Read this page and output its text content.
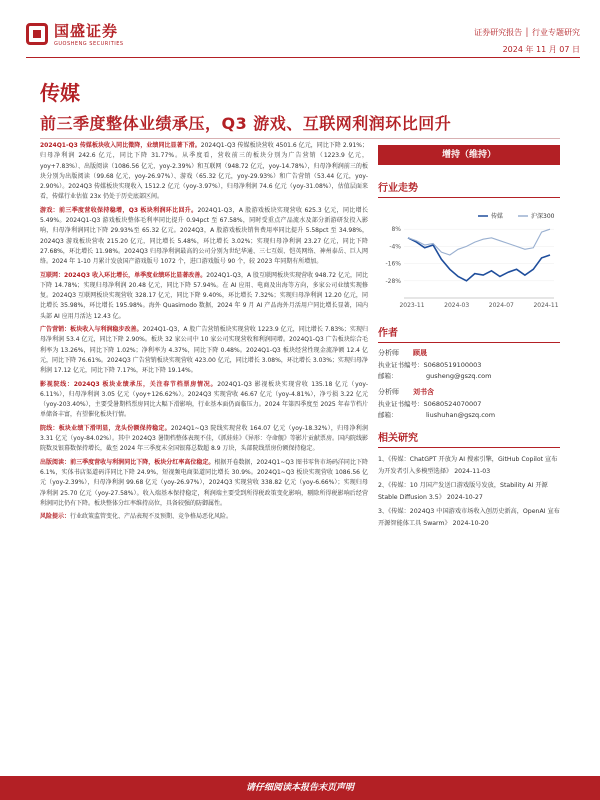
国盛证券
GUOSHENG SECURITIES
证券研究报告 │ 行业专题研究
2024 年 11 月 07 日
传媒
前三季度整体业绩承压，Q3 游戏、互联网利润环比回升

2024Q1-Q3 传媒板块收入同比微降，业绩同比显著下滑。2024Q1-Q3 传媒板块营收 4501.6 亿元，同比下降 2.91%；归母净利润 242.6 亿元，同比下降 31.77%。从季度看，营收前三的板块分别为广告营销（1223.9 亿元，yoy+7.83%）、出版阅读（1086.56 亿元，yoy-2.39%）和互联网（948.72 亿元，yoy-14.78%），归母净利润前三的板块分别为出版阅读（99.68 亿元，yoy-26.97%）、游戏（65.32 亿元，yoy-29.93%）和广告营销（53.44 亿元，yoy-2.90%）。2024Q3 传媒板块实现收入 1512.2 亿元（yoy-3.97%），归母净利润 74.6 亿元（yoy-31.08%），估值层面来看，传媒行业估值 23x 仍处于历史底部区间。

游戏：前三季度营收保持稳增，Q3 板块利润环比回升。2024Q1-Q3，A 股游戏板块实现营收 625.3 亿元，同比增长 5.49%。2024Q1-Q3 游戏板块整体毛利率同比提升 0.94pct 至 67.58%，同时受重点产品流水及部分新游研发投入影响，归母净利润同比下降 29.93%至 65.32 亿元。2024Q3，A 股游戏板块销售费用率同比提升 5.58pct 至 34.98%，2024Q3 游戏板块营收 215.20 亿元，同比增长 5.48%，环比增长 3.02%；实现归母净利润 23.27 亿元，同比下降 27.68%，环比增长 11.98%。2024Q3 归母净利润最高的公司分别为世纪华通、三七互娱、恺英网络、神州泰岳、巨人网络。2024 年 1-10 月累计发放国产游戏版号 1072 个，进口游戏版号 90 个，较 2023 年同期有所增加。

互联网：2024Q3 收入环比增长，单季度业绩环比显著改善。2024Q1-Q3，A 股互联网板块实现营收 948.72 亿元，同比下降 14.78%；实现归母净利润 20.48 亿元，同比下降 57.94%。在 AI 应用、电商及出海等方向，多家公司业绩实现修复。2024Q3 互联网板块实现营收 328.17 亿元，同比下降 9.40%，环比增长 7.32%；实现归母净利润 12.20 亿元，同比增长 35.98%，环比增长 195.98%。海外 Quasimodo 数据，2024 年 9 月 AI 产品海外月活用户同比增长显著，国内头部 AI 应用月活达 12.43 亿。

广告营销：板块收入与利润稳步改善。2024Q1-Q3，A 股广告营销板块实现营收 1223.9 亿元，同比增长 7.83%；实现归母净利润 53.4 亿元，同比下降 2.90%。板块 32 家公司中 10 家公司实现营收和利润同增。2024Q1-Q3 广告板块综合毛利率为 13.26%，同比下降 1.02%；净利率为 4.37%，同比下降 0.48%。2024Q1-Q3 板块经营性现金流净额 12.4 亿元，同比下降 76.61%。2024Q3 广告营销板块实现营收 423.00 亿元，同比增长 3.08%，环比增长 3.03%；实现归母净利润 17.12 亿元，同比下降 7.17%，环比下降 19.14%。

影视院线：2024Q3 板块业绩承压，关注春节档票房情况。2024Q1-Q3 影视板块实现营收 135.18 亿元（yoy-6.11%），归母净利润 3.05 亿元（yoy+126.62%）。2024Q3 实现营收 46.67 亿元（yoy-4.81%），净亏损 3.22 亿元（yoy-203.40%），主要受暑期档票房同比大幅下滑影响，行业基本面仍面临压力。2024 年第四季度至 2025 年春节档片单储备丰富，有望催化板块行情。

院线：板块业绩下滑明显，龙头份额保持稳定。2024Q1~Q3 院线实现营收 164.07 亿元（yoy-18.32%），归母净利润 3.31 亿元（yoy-84.02%）。其中 2024Q3 暑期档整体表现不佳，《抓娃娃》《异形：夺命舰》等影片贡献票房。国内院线影院数及银幕数保持增长，截至 2024 年三季度末全国银幕总数超 8.9 万块，头部院线票房份额保持稳定。

出版阅读：前三季度营收与利润同比下降，板块分红率高位稳定。根据开卷数据，2024Q1~Q3 图书零售市场码洋同比下降 6.1%，实体书店渠道码洋同比下降 24.9%，短视频电商渠道同比增长 30.9%。2024Q1~Q3 板块实现营收 1086.56 亿元（yoy-2.39%），归母净利润 99.68 亿元（yoy-26.97%），2024Q3 实现营收 338.82 亿元（yoy-6.66%）；实现归母净利润 25.70 亿元（yoy-27.58%）。收入端基本保持稳定，利润端主要受到所得税政策变化影响，剔除所得税影响后经营利润同比仍有下降。板块整体分红率维持高位，具备较强的防御属性。

风险提示：行业政策监管变化、产品表现不及预期、竞争格局恶化风险。

增持（维持）
行业走势
8%
-4%
-16%
-28%
2023-11	2024-03	2024-07	2024-11
传媒	沪深300
作者
分析师 顾晟
执业证书编号：S0680519100003
邮箱：	gusheng@gszq.com
分析师 刘书含
执业证书编号：S0680524070007
邮箱：	liushuhan@gszq.com
相关研究

1、《传媒：ChatGPT 开放为 AI 搜索引擎，GitHub Copilot 宣布为开发者引入多模型选择》 2024-11-03

2、《传媒：10 月国产发送口游戏版号发放，Stability AI 开源 Stable Diffusion 3.5》 2024-10-27

3、《传媒：2024Q3 中国游戏市场收入创历史新高，OpenAI 宣布开源智能体工具 Swarm》 2024-10-20

请仔细阅读本报告末页声明
